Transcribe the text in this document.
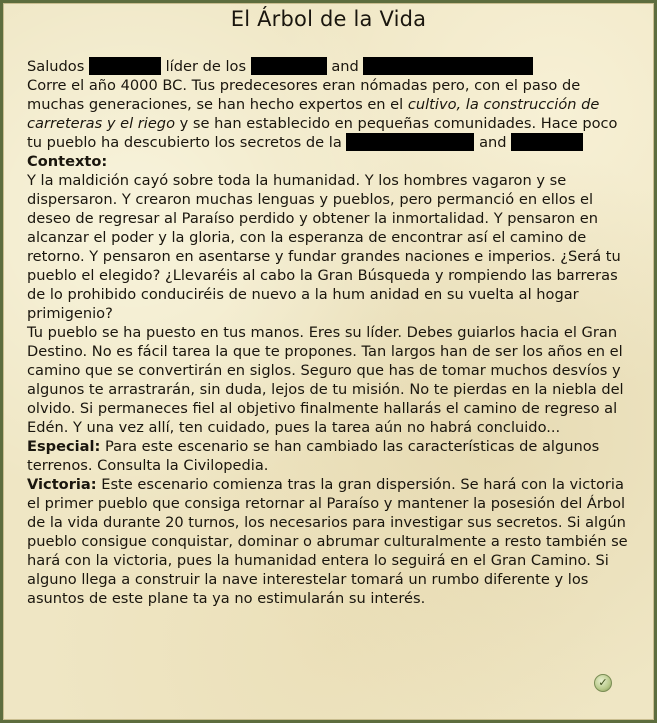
El Árbol de la Vida

Saludos	líder de los	and
Corre el año 4000 BC. Tus predecesores eran nómadas pero, con el paso de muchas generaciones, se han hecho expertos en el cultivo, la construcción de carreteras y el riego y se han establecido en pequeñas comunidades. Hace poco tu pueblo ha descubierto los secretos de la	and

Contexto:
Y la maldición cayó sobre toda la humanidad. Y los hombres vagaron y se dispersaron. Y crearon muchas lenguas y pueblos, pero permanció en ellos el deseo de regresar al Paraíso perdido y obtener la inmortalidad. Y pensaron en alcanzar el poder y la gloria, con la esperanza de encontrar así el camino de retorno. Y pensaron en asentarse y fundar grandes naciones e imperios. ¿Será tu pueblo el elegido? ¿Llevaréis al cabo la Gran Búsqueda y rompiendo las barreras de lo prohibido conduciréis de nuevo a la hum anidad en su vuelta al hogar primigenio?
Tu pueblo se ha puesto en tus manos. Eres su líder. Debes guiarlos hacia el Gran Destino. No es fácil tarea la que te propones. Tan largos han de ser los años en el camino que se convertirán en siglos. Seguro que has de tomar muchos desvíos y algunos te arrastrarán, sin duda, lejos de tu misión. No te pierdas en la niebla del olvido. Si permaneces fiel al objetivo finalmente hallarás el camino de regreso al Edén. Y una vez allí, ten cuidado, pues la tarea aún no habrá concluido...

Especial: Para este escenario se han cambiado las características de algunos terrenos. Consulta la Civilopedia.

Victoria: Este escenario comienza tras la gran dispersión. Se hará con la victoria el primer pueblo que consiga retornar al Paraíso y mantener la posesión del Árbol de la vida durante 20 turnos, los necesarios para investigar sus secretos. Si algún pueblo consigue conquistar, dominar o abrumar culturalmente a resto también se hará con la victoria, pues la humanidad entera lo seguirá en el Gran Camino. Si alguno llega a construir la nave interestelar tomará un rumbo diferente y los asuntos de este plane ta ya no estimularán su interés.

✓
